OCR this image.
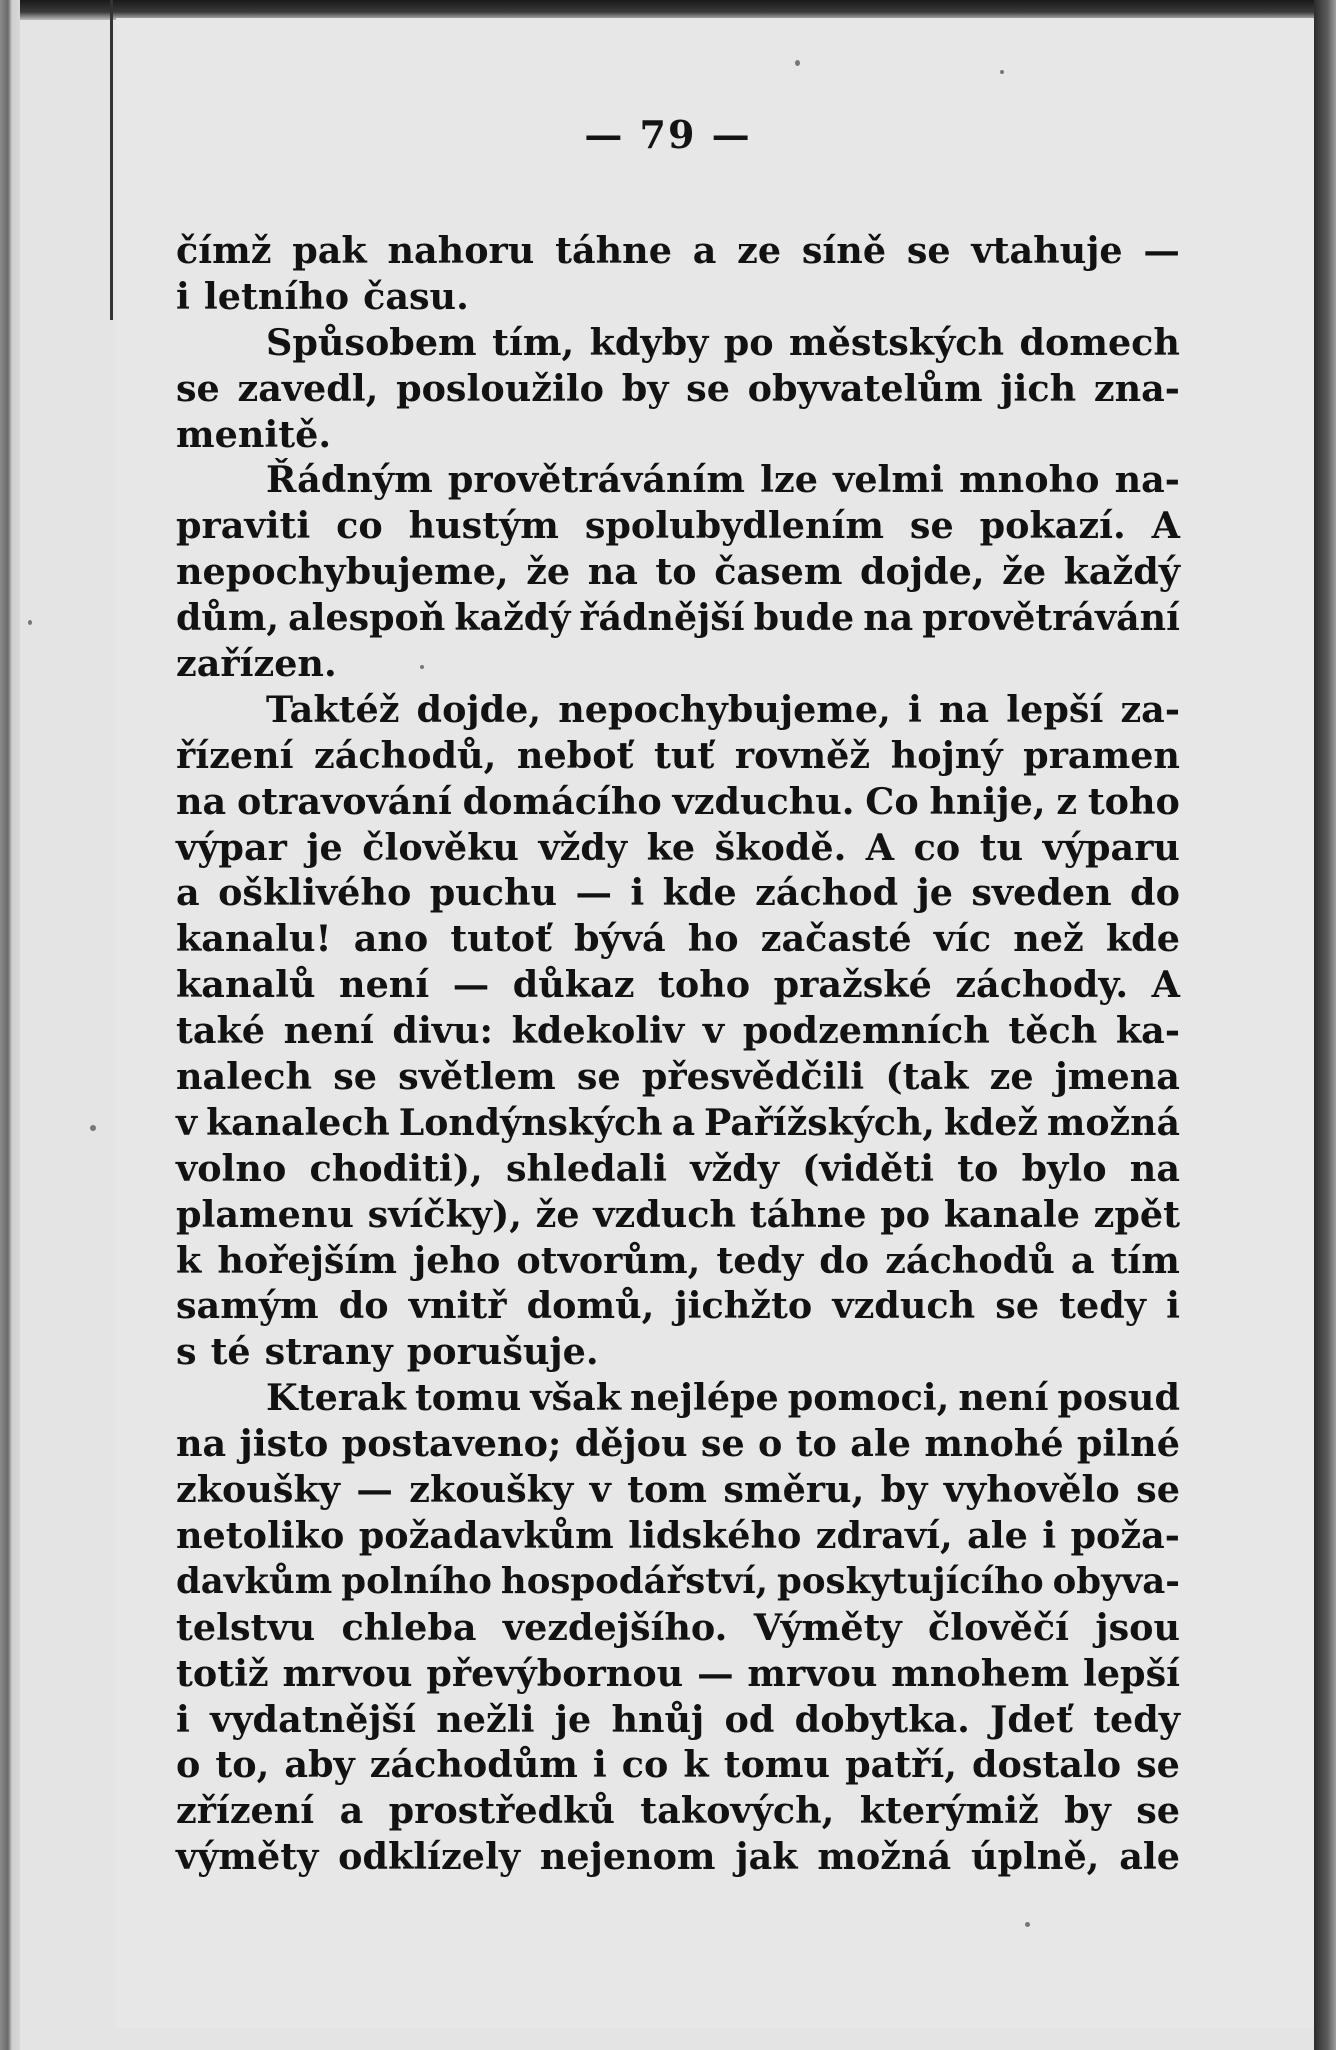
— 79 —
čímž pak nahoru táhne a ze síně se vtahuje —
i letního času.
Spůsobem tím, kdyby po městských domech
se zavedl, posloužilo by se obyvatelům jich zna-
menitě.
Řádným provětráváním lze velmi mnoho na-
praviti co hustým spolubydlením se pokazí. A
nepochybujeme, že na to časem dojde, že každý
dům, alespoň každý řádnější bude na provětrávání
zařízen.
Taktéž dojde, nepochybujeme, i na lepší za-
řízení záchodů, neboť tuť rovněž hojný pramen
na otravování domácího vzduchu. Co hnije, z toho
výpar je člověku vždy ke škodě. A co tu výparu
a ošklivého puchu — i kde záchod je sveden do
kanalu! ano tutoť bývá ho začasté víc než kde
kanalů není — důkaz toho pražské záchody. A
také není divu: kdekoliv v podzemních těch ka-
nalech se světlem se přesvědčili (tak ze jmena
v kanalech Londýnských a Pařížských, kdež možná
volno choditi), shledali vždy (viděti to bylo na
plamenu svíčky), že vzduch táhne po kanale zpět
k hořejším jeho otvorům, tedy do záchodů a tím
samým do vnitř domů, jichžto vzduch se tedy i
s té strany porušuje.
Kterak tomu však nejlépe pomoci, není posud
na jisto postaveno; dějou se o to ale mnohé pilné
zkoušky — zkoušky v tom směru, by vyhovělo se
netoliko požadavkům lidského zdraví, ale i poža-
davkům polního hospodářství, poskytujícího obyva-
telstvu chleba vezdejšího. Výměty člověčí jsou
totiž mrvou převýbornou — mrvou mnohem lepší
i vydatnější nežli je hnůj od dobytka. Jdeť tedy
o to, aby záchodům i co k tomu patří, dostalo se
zřízení a prostředků takových, kterýmiž by se
výměty odklízely nejenom jak možná úplně, ale
